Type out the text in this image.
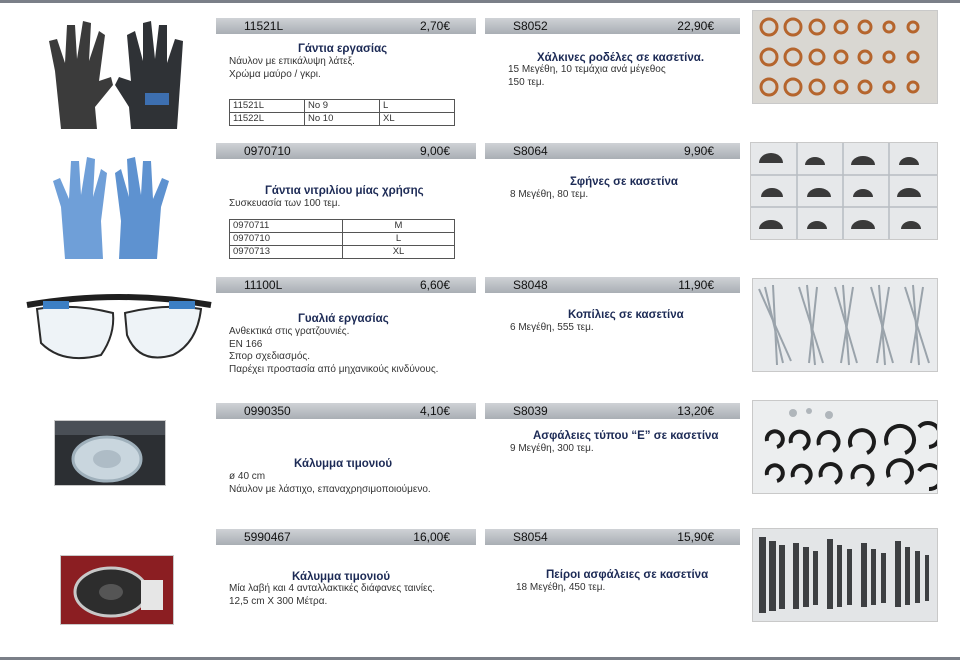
11521L	2,70€
Γάντια εργασίας
Νάυλον με επικάλυψη λάτεξ.
Χρώμα μαύρο / γκρι.
11521L	No 9	L
11522L	No 10	XL
S8052	22,90€
Χάλκινες ροδέλες σε κασετίνα.
15 Μεγέθη, 10 τεμάχια ανά μέγεθος
150 τεμ.
0970710	9,00€
Γάντια νιτριλίου μίας χρήσης
Συσκευασία των 100 τεμ.
0970711	M
0970710	L
0970713	XL
S8064	9,90€
Σφήνες σε κασετίνα
8 Μεγέθη, 80 τεμ.
11100L	6,60€
Γυαλιά εργασίας
Ανθεκτικά στις γρατζουνιές.
EN 166
Σπορ σχεδιασμός.
Παρέχει προστασία από μηχανικούς κινδύνους.
S8048	11,90€
Κοπίλιες σε κασετίνα
6 Μεγέθη, 555 τεμ.
0990350	4,10€
Κάλυμμα τιμονιού
ø 40 cm
Νάυλον με λάστιχο, επαναχρησιμοποιούμενο.
S8039	13,20€
Ασφάλειες τύπου “E” σε κασετίνα
9 Μεγέθη, 300 τεμ.
5990467	16,00€
Κάλυμμα τιμονιού
Μία λαβή και 4 ανταλλακτικές διάφανες ταινίες.
12,5 cm X 300 Μέτρα.
S8054	15,90€
Πείροι ασφάλειες σε κασετίνα
18 Μεγέθη, 450 τεμ.
